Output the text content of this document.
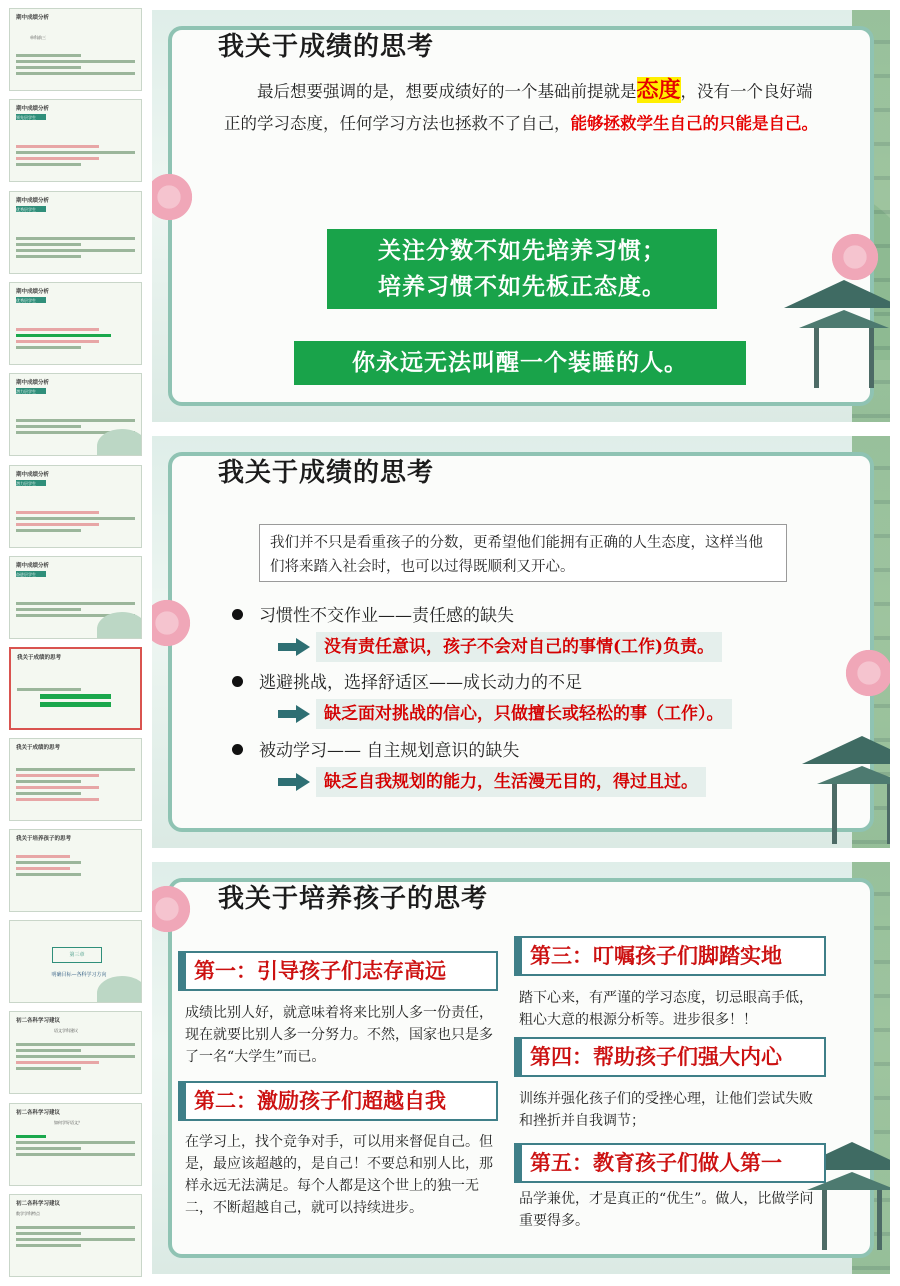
期中成绩分析
单科前三
期中成绩分析
领先层学生
期中成绩分析
优秀层学生
期中成绩分析
优秀层学生
期中成绩分析
潜力层学生
期中成绩分析
潜力层学生
期中成绩分析
奋进层学生
我关于成绩的思考
我关于成绩的思考
我关于培养孩子的思考
第三章
明确目标—各科学习方向
初二各科学习建议
语文学科建议
初二各科学习建议
如何学好语文？
初二各科学习建议
数学学科特点
我关于成绩的思考
　　最后想要强调的是，想要成绩好的一个基础前提就是态度，没有一个良好端正的学习态度，任何学习方法也拯救不了自己，能够拯救学生自己的只能是自己。
关注分数不如先培养习惯；
培养习惯不如先板正态度。
你永远无法叫醒一个装睡的人。
我关于成绩的思考
我们并不只是看重孩子的分数，更希望他们能拥有正确的人生态度，这样当他们将来踏入社会时，也可以过得既顺利又开心。
习惯性不交作业——责任感的缺失
没有责任意识，孩子不会对自己的事情(工作)负责。
逃避挑战，选择舒适区——成长动力的不足
缺乏面对挑战的信心，只做擅长或轻松的事（工作）。
被动学习—— 自主规划意识的缺失
缺乏自我规划的能力，生活漫无目的，得过且过。
我关于培养孩子的思考
第一：引导孩子们志存高远
成绩比别人好，就意味着将来比别人多一份责任，现在就要比别人多一分努力。不然，国家也只是多了一名“大学生”而已。
第二：激励孩子们超越自我
在学习上，找个竞争对手，可以用来督促自己。但是，最应该超越的，是自己！不要总和别人比，那样永远无法满足。每个人都是这个世上的独一无二，不断超越自己，就可以持续进步。
第三：叮嘱孩子们脚踏实地
踏下心来，有严谨的学习态度，切忌眼高手低，粗心大意的根源分析等。进步很多！！
第四：帮助孩子们强大内心
训练并强化孩子们的受挫心理，让他们尝试失败和挫折并自我调节；
第五：教育孩子们做人第一
品学兼优，才是真正的“优生”。做人，比做学问重要得多。
